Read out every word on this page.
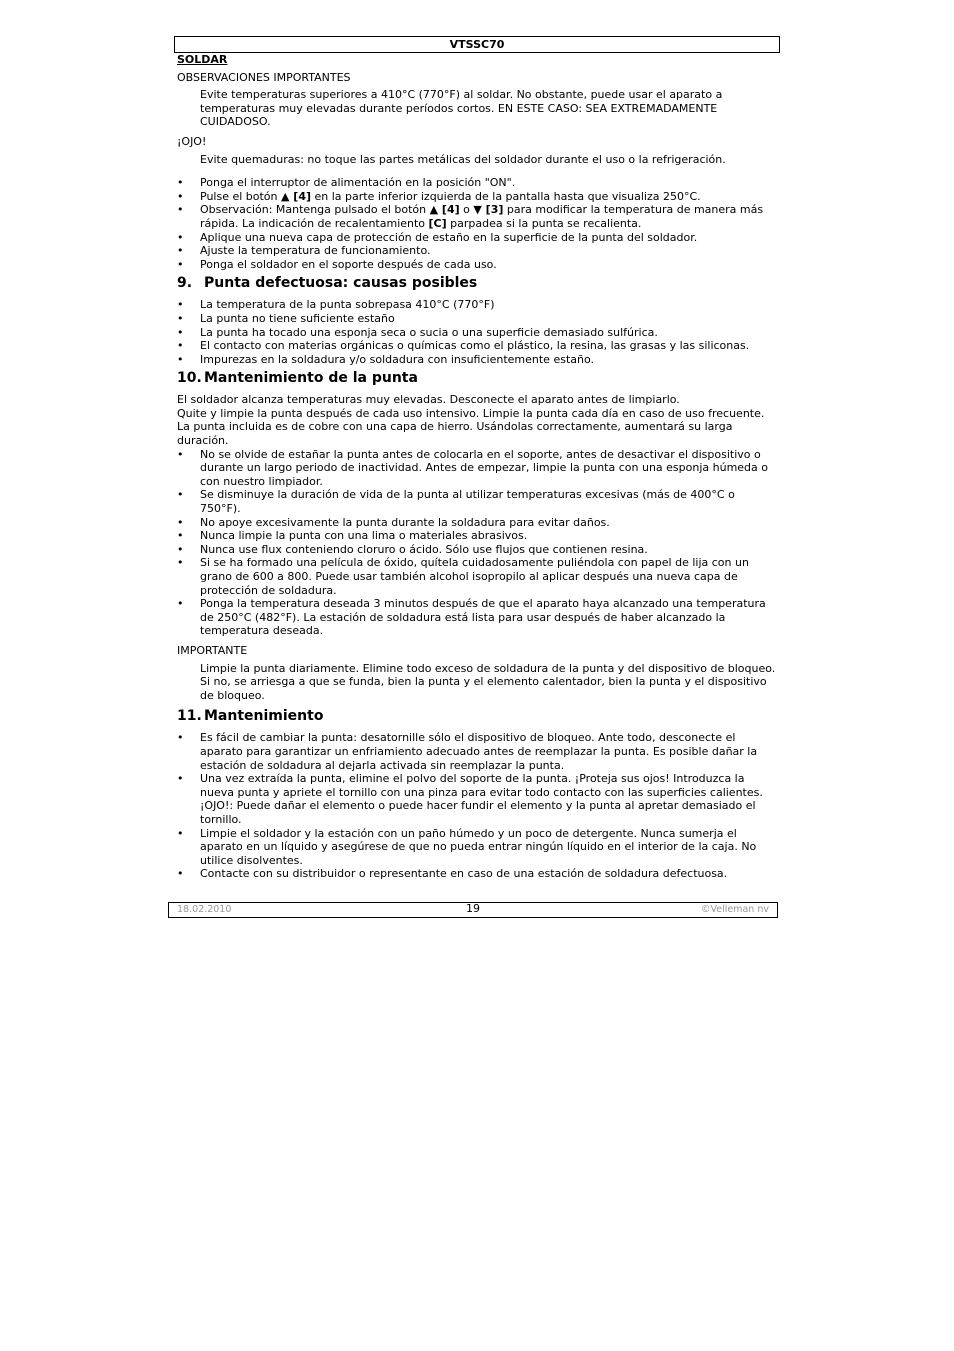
VTSSC70

SOLDAR

OBSERVACIONES IMPORTANTES

Evite temperaturas superiores a 410°C (770°F) al soldar. No obstante, puede usar el aparato a temperaturas muy elevadas durante períodos cortos. EN ESTE CASO: SEA EXTREMADAMENTE CUIDADOSO.

¡OJO!

Evite quemaduras: no toque las partes metálicas del soldador durante el uso o la refrigeración.

• Ponga el interruptor de alimentación en la posición "ON".
• Pulse el botón ▲ [4] en la parte inferior izquierda de la pantalla hasta que visualiza 250°C.
• Observación: Mantenga pulsado el botón ▲ [4] o ▼ [3] para modificar la temperatura de manera más rápida. La indicación de recalentamiento [C] parpadea si la punta se recalienta.
• Aplique una nueva capa de protección de estaño en la superficie de la punta del soldador.
• Ajuste la temperatura de funcionamiento.
• Ponga el soldador en el soporte después de cada uso.
9. Punta defectuosa: causas posibles
• La temperatura de la punta sobrepasa 410°C (770°F)
• La punta no tiene suficiente estaño
• La punta ha tocado una esponja seca o sucia o una superficie demasiado sulfúrica.
• El contacto con materias orgánicas o químicas como el plástico, la resina, las grasas y las siliconas.
• Impurezas en la soldadura y/o soldadura con insuficientemente estaño.
10. Mantenimiento de la punta

El soldador alcanza temperaturas muy elevadas. Desconecte el aparato antes de limpiarlo.

Quite y limpie la punta después de cada uso intensivo. Limpie la punta cada día en caso de uso frecuente.

La punta incluida es de cobre con una capa de hierro. Usándolas correctamente, aumentará su larga duración.

• No se olvide de estañar la punta antes de colocarla en el soporte, antes de desactivar el dispositivo o durante un largo periodo de inactividad. Antes de empezar, limpie la punta con una esponja húmeda o con nuestro limpiador.
• Se disminuye la duración de vida de la punta al utilizar temperaturas excesivas (más de 400°C o 750°F).
• No apoye excesivamente la punta durante la soldadura para evitar daños.
• Nunca limpie la punta con una lima o materiales abrasivos.
• Nunca use flux conteniendo cloruro o ácido. Sólo use flujos que contienen resina.
• Si se ha formado una película de óxido, quítela cuidadosamente puliéndola con papel de lija con un grano de 600 a 800. Puede usar también alcohol isopropilo al aplicar después una nueva capa de protección de soldadura.
• Ponga la temperatura deseada 3 minutos después de que el aparato haya alcanzado una temperatura de 250°C (482°F). La estación de soldadura está lista para usar después de haber alcanzado la temperatura deseada.

IMPORTANTE

Limpie la punta diariamente. Elimine todo exceso de soldadura de la punta y del dispositivo de bloqueo. Si no, se arriesga a que se funda, bien la punta y el elemento calentador, bien la punta y el dispositivo de bloqueo.

11. Mantenimiento
• Es fácil de cambiar la punta: desatornille sólo el dispositivo de bloqueo. Ante todo, desconecte el aparato para garantizar un enfriamiento adecuado antes de reemplazar la punta. Es posible dañar la estación de soldadura al dejarla activada sin reemplazar la punta.
• Una vez extraída la punta, elimine el polvo del soporte de la punta. ¡Proteja sus ojos! Introduzca la nueva punta y apriete el tornillo con una pinza para evitar todo contacto con las superficies calientes. ¡OJO!: Puede dañar el elemento o puede hacer fundir el elemento y la punta al apretar demasiado el tornillo.
• Limpie el soldador y la estación con un paño húmedo y un poco de detergente. Nunca sumerja el aparato en un líquido y asegúrese de que no pueda entrar ningún líquido en el interior de la caja. No utilice disolventes.
• Contacte con su distribuidor o representante en caso de una estación de soldadura defectuosa.
18.02.2010	19	©Velleman nv
